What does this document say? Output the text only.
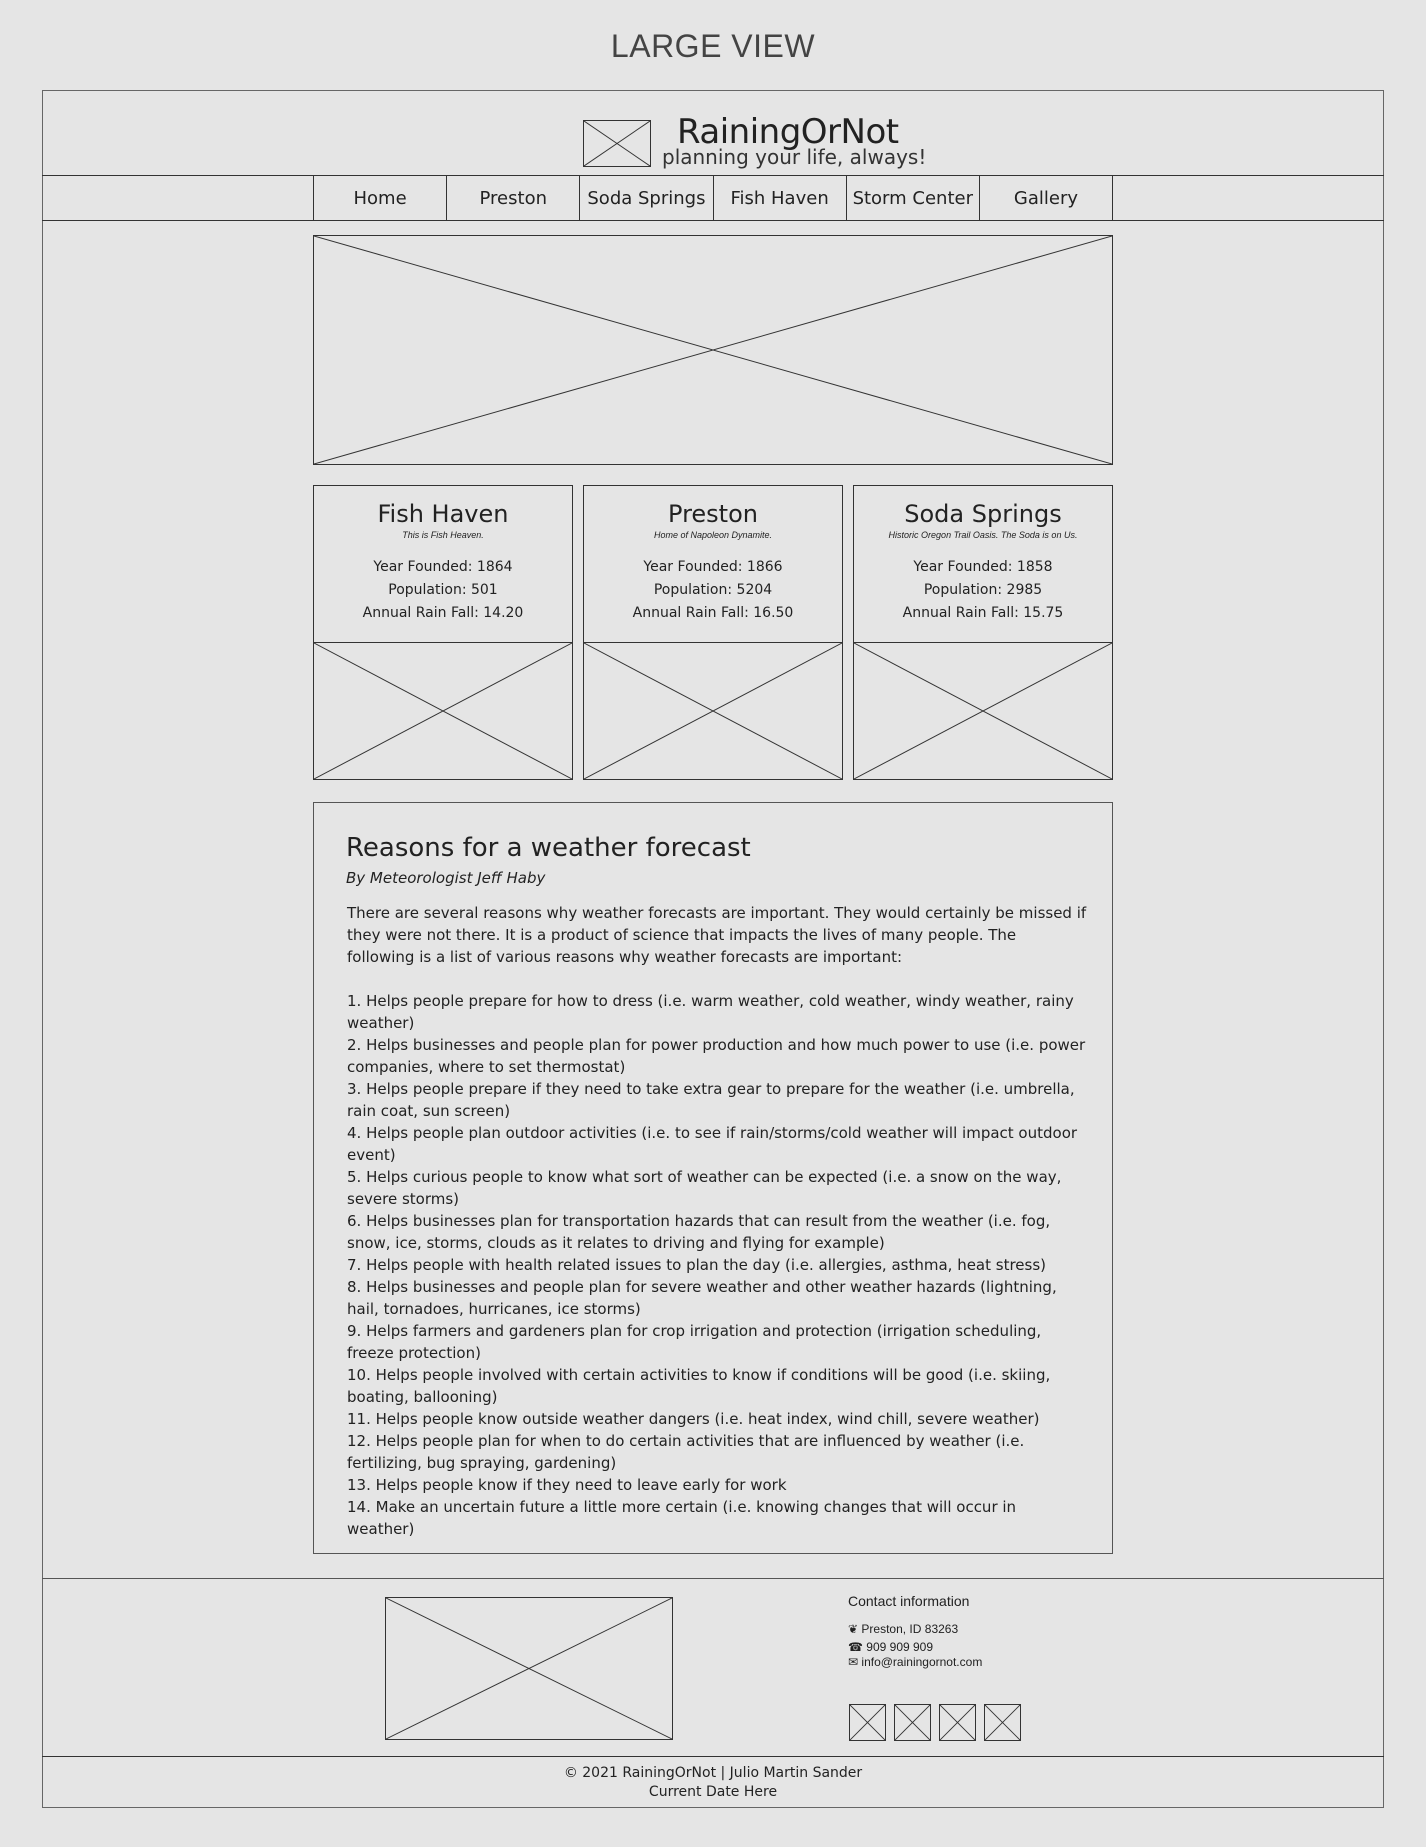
LARGE VIEW
RainingOrNot
planning your life, always!
Home	Preston	Soda Springs	Fish Haven	Storm Center	Gallery
Fish Haven
This is Fish Heaven.
Year Founded: 1864
Population: 501
Annual Rain Fall: 14.20
Preston
Home of Napoleon Dynamite.
Year Founded: 1866
Population: 5204
Annual Rain Fall: 16.50
Soda Springs
Historic Oregon Trail Oasis. The Soda is on Us.
Year Founded: 1858
Population: 2985
Annual Rain Fall: 15.75
Reasons for a weather forecast
By Meteorologist Jeff Haby

There are several reasons why weather forecasts are important. They would certainly be missed if they were not there. It is a product of science that impacts the lives of many people. The following is a list of various reasons why weather forecasts are important:

1. Helps people prepare for how to dress (i.e. warm weather, cold weather, windy weather, rainy weather)
2. Helps businesses and people plan for power production and how much power to use (i.e. power companies, where to set thermostat)
3. Helps people prepare if they need to take extra gear to prepare for the weather (i.e. umbrella, rain coat, sun screen)
4. Helps people plan outdoor activities (i.e. to see if rain/storms/cold weather will impact outdoor event)
5. Helps curious people to know what sort of weather can be expected (i.e. a snow on the way, severe storms)
6. Helps businesses plan for transportation hazards that can result from the weather (i.e. fog, snow, ice, storms, clouds as it relates to driving and flying for example)
7. Helps people with health related issues to plan the day (i.e. allergies, asthma, heat stress)
8. Helps businesses and people plan for severe weather and other weather hazards (lightning, hail, tornadoes, hurricanes, ice storms)
9. Helps farmers and gardeners plan for crop irrigation and protection (irrigation scheduling, freeze protection)
10. Helps people involved with certain activities to know if conditions will be good (i.e. skiing, boating, ballooning)
11. Helps people know outside weather dangers (i.e. heat index, wind chill, severe weather)
12. Helps people plan for when to do certain activities that are influenced by weather (i.e. fertilizing, bug spraying, gardening)
13. Helps people know if they need to leave early for work
14. Make an uncertain future a little more certain (i.e. knowing changes that will occur in weather)
Contact information
❦ Preston, ID 83263
☎ 909 909 909
✉ info@rainingornot.com
© 2021 RainingOrNot | Julio Martin Sander
Current Date Here
